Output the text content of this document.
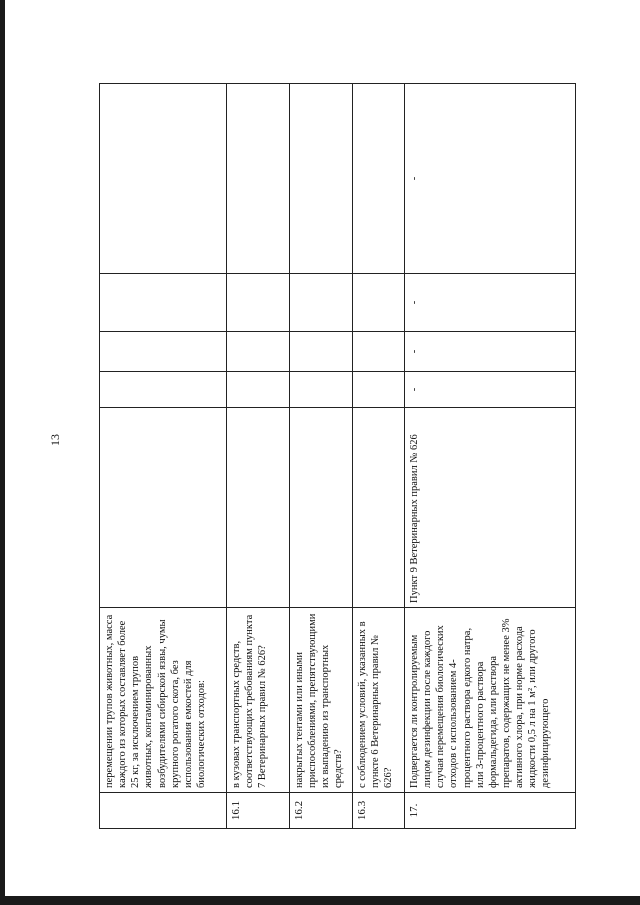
13
	перемещении трупов животных, масса каждого из которых составляет более 25 кг, за исключением трупов животных, контаминированных возбудителями сибирской язвы, чумы крупного рогатого скота, без использования емкостей для биологических отходов:					
16.1	в кузовах транспортных средств, соответствующих требованиям пункта 7 Ветеринарных правил № 626?					
16.2	накрытых тентами или иными приспособлениями, препятствующими их выпадению из транспортных средств?					
16.3	с соблюдением условий, указанных в пункте 6 Ветеринарных правил № 626?					
17.	Подвергается ли контролируемым лицом дезинфекции после каждого случая перемещения биологических отходов с использованием 4-процентного раствора едкого натра, или 3-процентного раствора формальдегида, или раствора препаратов, содержащих не менее 3% активного хлора, при норме расхода жидкости 0,5 л на 1 м², или другого дезинфицирующего	Пункт 9 Ветеринарных правил № 626	-	-	-	-
